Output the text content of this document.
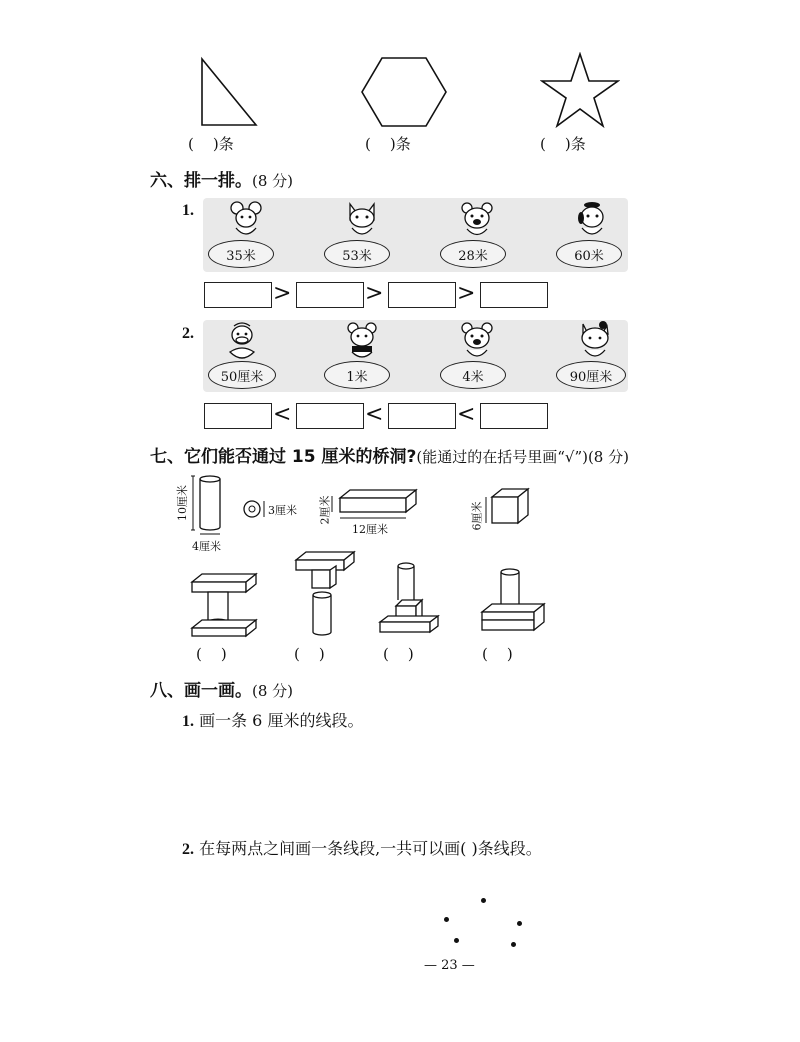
(    )条	(    )条	(    )条
六、排一排。(8 分)
1.
35米	53米	28米	60米
>	>	>
2.
50厘米	1米	4米	90厘米
<	<	<
七、它们能否通过 15 厘米的桥洞?(能通过的在括号里画“√”)(8 分)
10厘米
4厘米
3厘米 2厘米
12厘米	6厘米
(    )	(    )	(    )	(    )
八、画一画。(8 分)
1. 画一条 6 厘米的线段。
2. 在每两点之间画一条线段,一共可以画( )条线段。
— 23 —
